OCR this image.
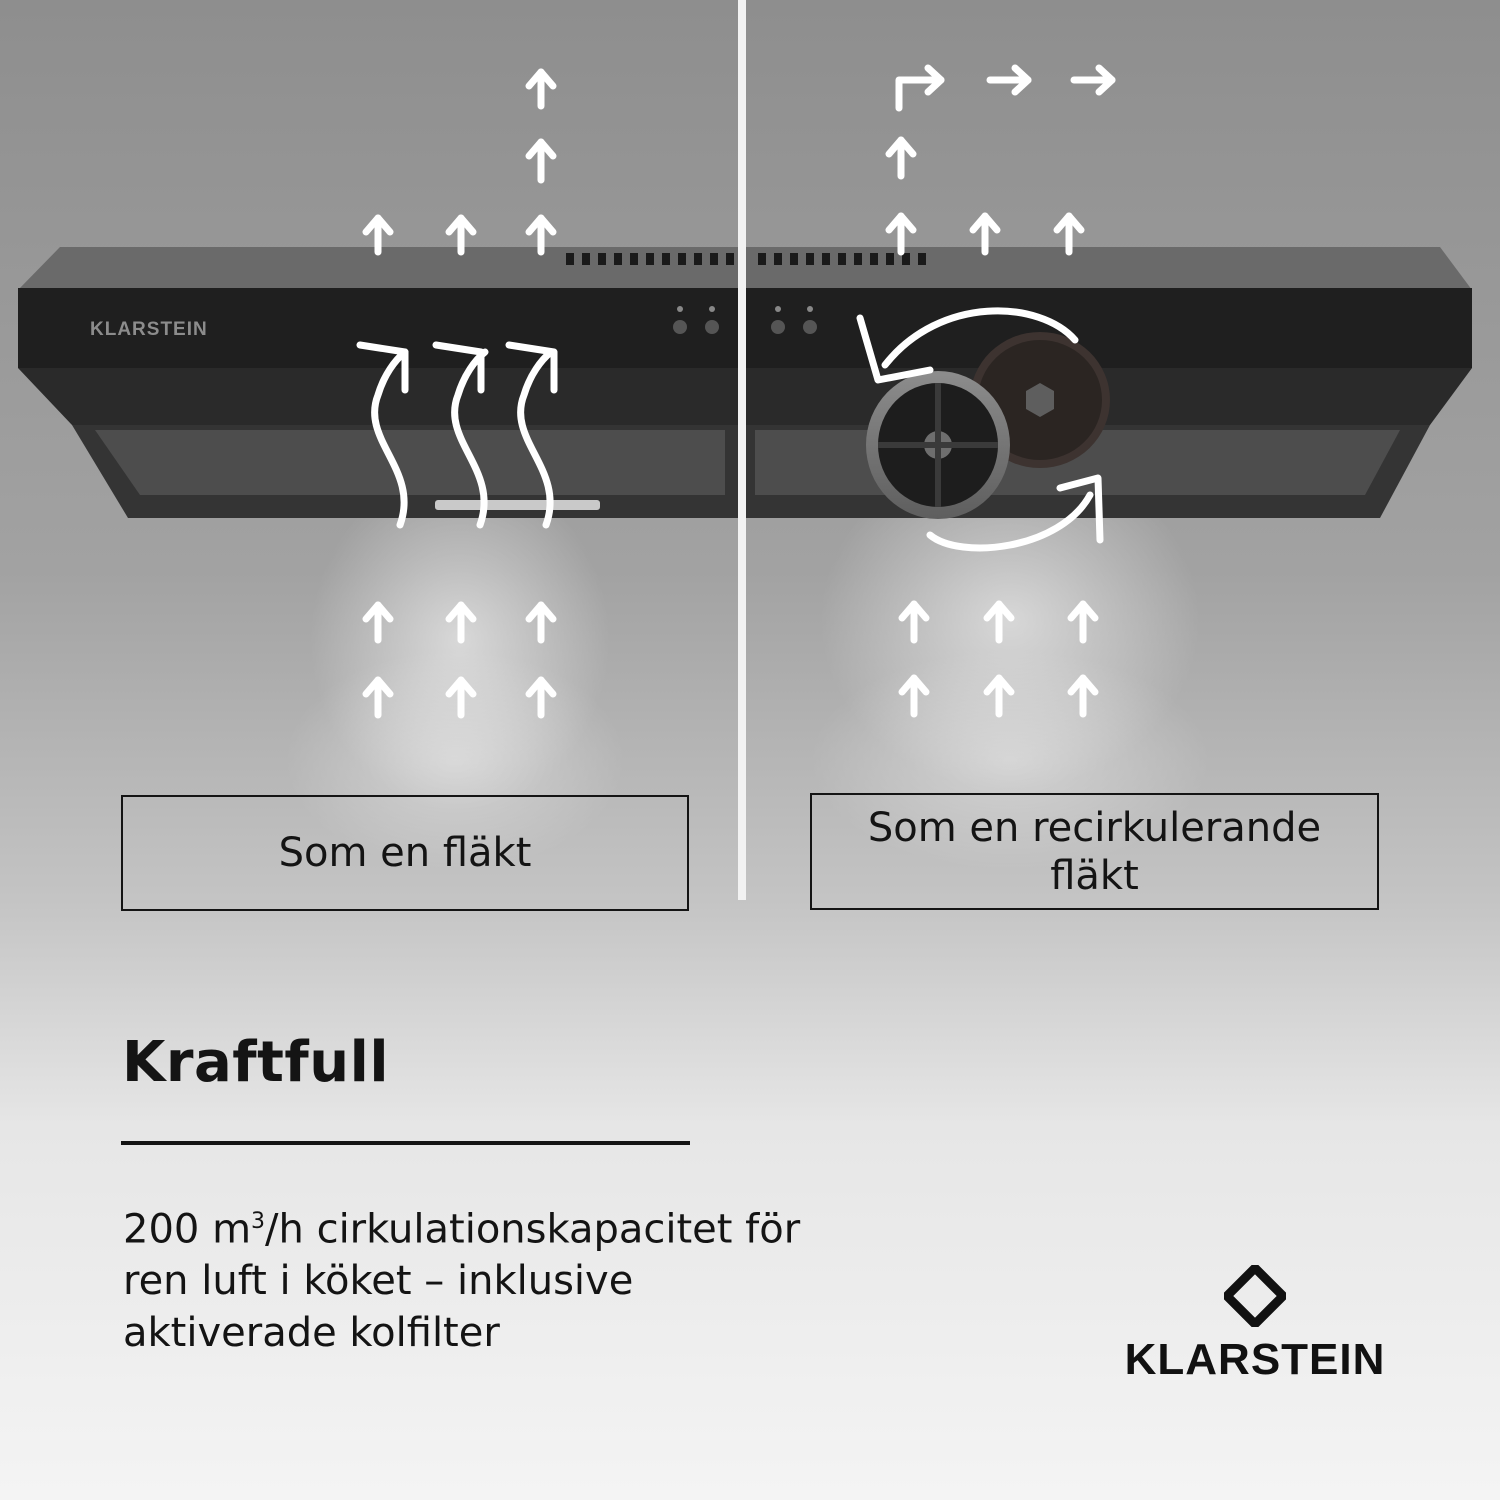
KLARSTEIN
Som en fläkt
Som en recirkulerande fläkt
Kraftfull
200 $m^3/h$ cirkulationskapacitet för ren luft i köket – inklusive aktiverade kolfilter
KLARSTEIN
